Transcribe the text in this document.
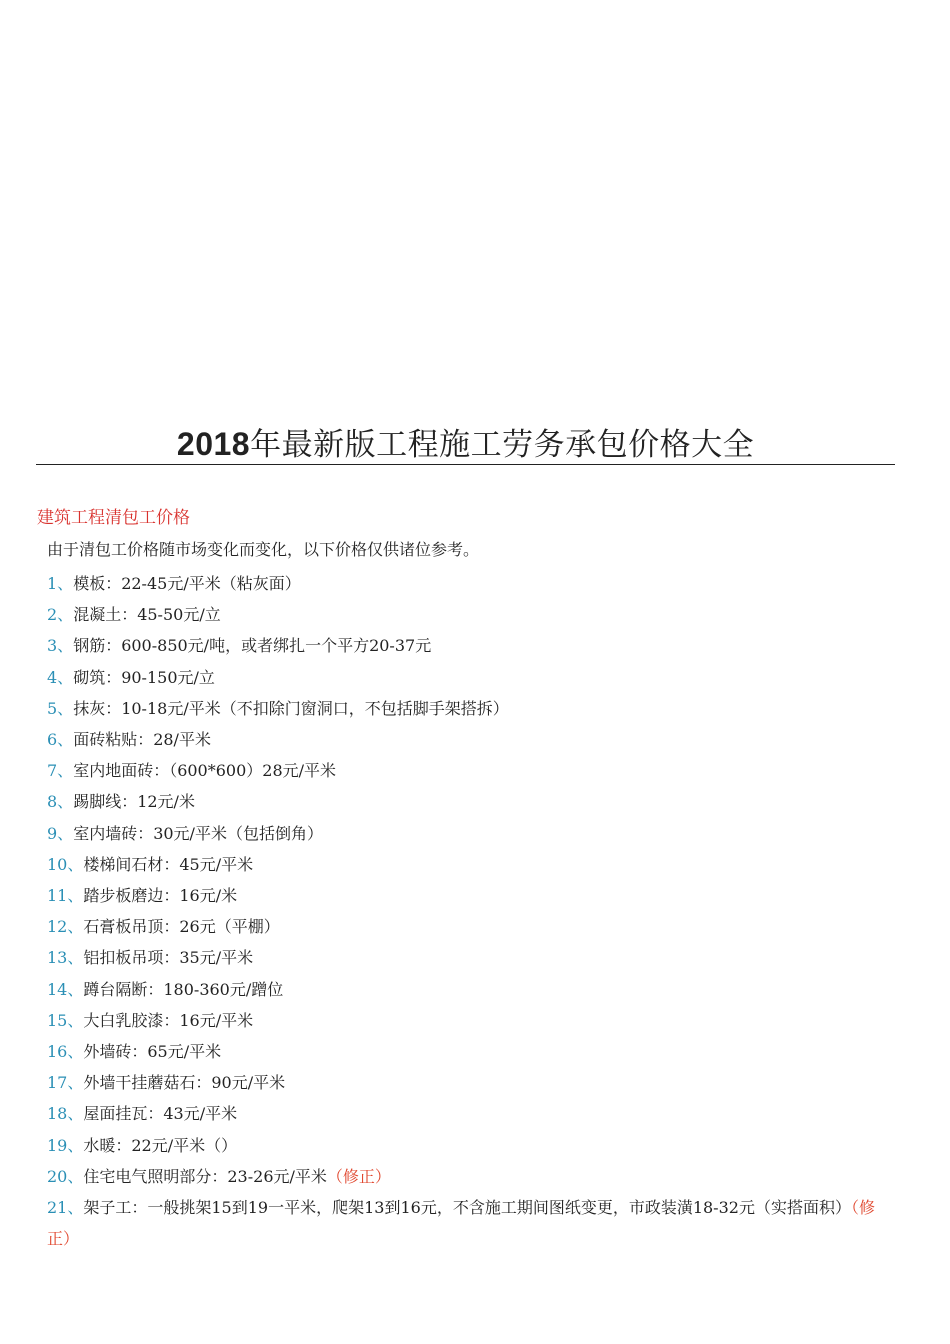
2018年最新版工程施工劳务承包价格大全
建筑工程清包工价格
由于清包工价格随市场变化而变化，以下价格仅供诸位参考。
1、模板：22-45元/平米（粘灰面）
2、混凝土：45-50元/立
3、钢筋：600-850元/吨，或者绑扎一个平方20-37元
4、砌筑：90-150元/立
5、抹灰：10-18元/平米（不扣除门窗洞口，不包括脚手架搭拆）
6、面砖粘贴：28/平米
7、室内地面砖：（600*600）28元/平米
8、踢脚线：12元/米
9、室内墙砖：30元/平米（包括倒角）
10、楼梯间石材：45元/平米
11、踏步板磨边：16元/米
12、石膏板吊顶：26元（平棚）
13、铝扣板吊项：35元/平米
14、蹲台隔断：180-360元/蹭位
15、大白乳胶漆：16元/平米
16、外墙砖：65元/平米
17、外墙干挂蘑菇石：90元/平米
18、屋面挂瓦：43元/平米
19、水暖：22元/平米（）
20、住宅电气照明部分：23-26元/平米（修正）
21、架子工：一般挑架15到19一平米，爬架13到16元，不含施工期间图纸变更，市政装潢18-32元（实搭面积）（修正）
